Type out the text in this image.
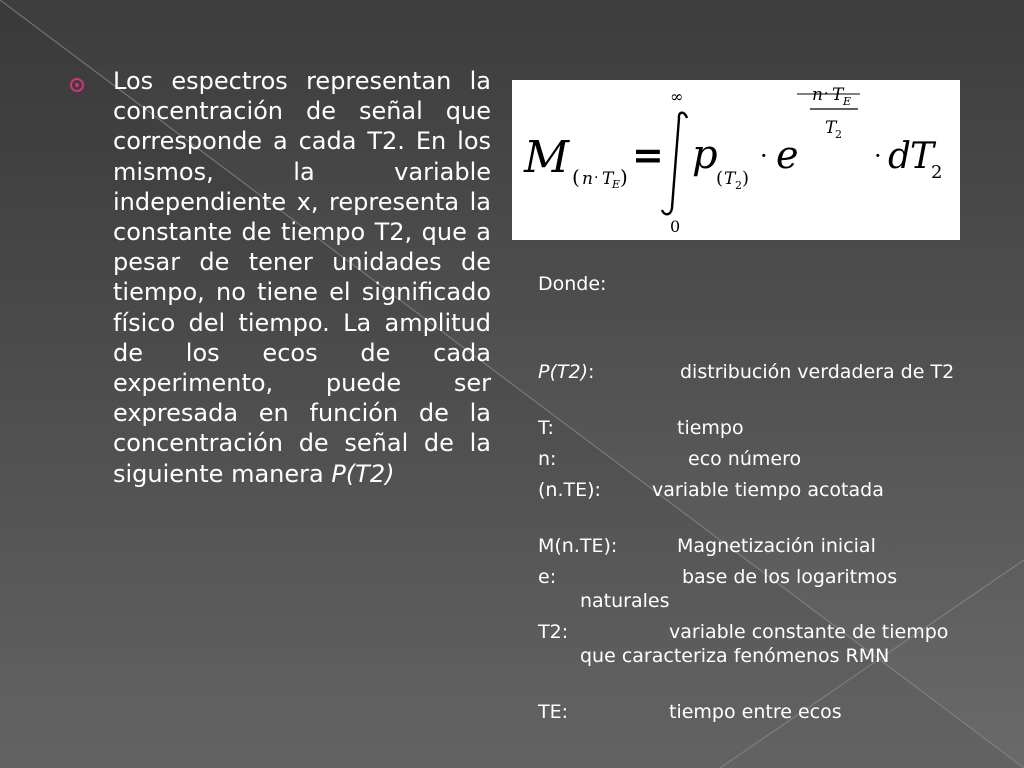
Los espectros representan la concentración de señal que corresponde a cada T2. En los mismos, la variable independiente x, representa la constante de tiempo T2, que a pesar de tener unidades de tiempo, no tiene el significado físico del tiempo. La amplitud de los ecos de cada experimento, puede ser expresada en función de la concentración de señal de la siguiente manera P(T2)

M ( n · T
E ) =
∞
0
p
( T 2 )
· e
n · T E
T
2
· d
T
2

Donde:

P(T2):	distribución verdadera de T2
T:	tiempo
n:	eco número
(n.TE):	variable tiempo acotada
M(n.TE):	Magnetización inicial
e:	base de los logaritmos naturales
T2:	variable constante de tiempo que caracteriza fenómenos RMN
TE:	tiempo entre ecos
